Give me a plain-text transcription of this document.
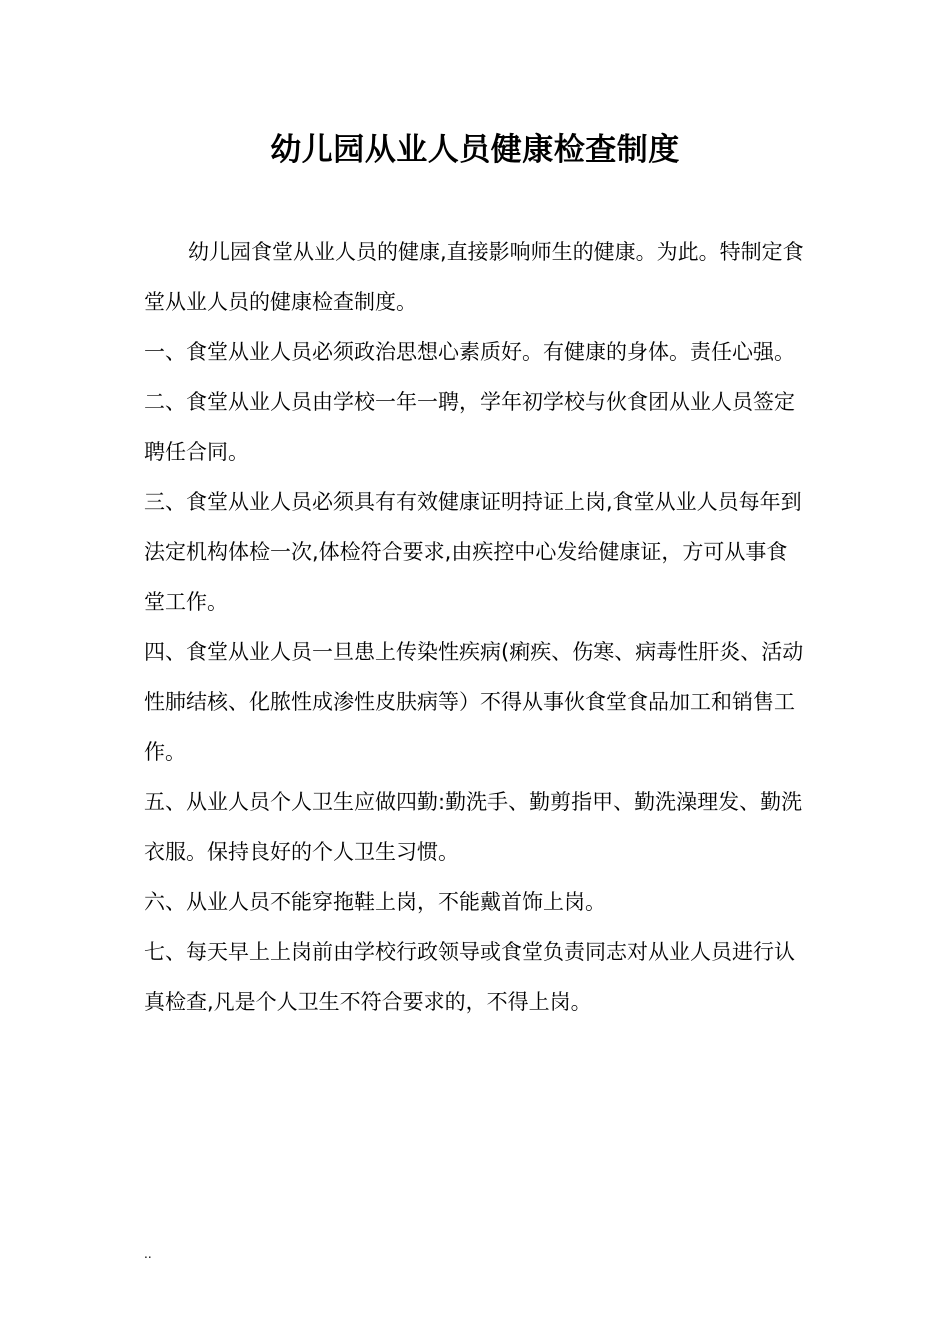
幼儿园从业人员健康检查制度

幼儿园食堂从业人员的健康,直接影响师生的健康。为此。特制定食堂从业人员的健康检查制度。

一、食堂从业人员必须政治思想心素质好。有健康的身体。责任心强。

二、食堂从业人员由学校一年一聘，学年初学校与伙食团从业人员签定聘任合同。

三、食堂从业人员必须具有有效健康证明持证上岗,食堂从业人员每年到法定机构体检一次,体检符合要求,由疾控中心发给健康证，方可从事食堂工作。

四、食堂从业人员一旦患上传染性疾病(痢疾、伤寒、病毒性肝炎、活动性肺结核、化脓性成渗性皮肤病等）不得从事伙食堂食品加工和销售工作。

五、从业人员个人卫生应做四勤:勤洗手、勤剪指甲、勤洗澡理发、勤洗衣服。保持良好的个人卫生习惯。

六、从业人员不能穿拖鞋上岗，不能戴首饰上岗。

七、每天早上上岗前由学校行政领导或食堂负责同志对从业人员进行认真检查,凡是个人卫生不符合要求的，不得上岗。

..
